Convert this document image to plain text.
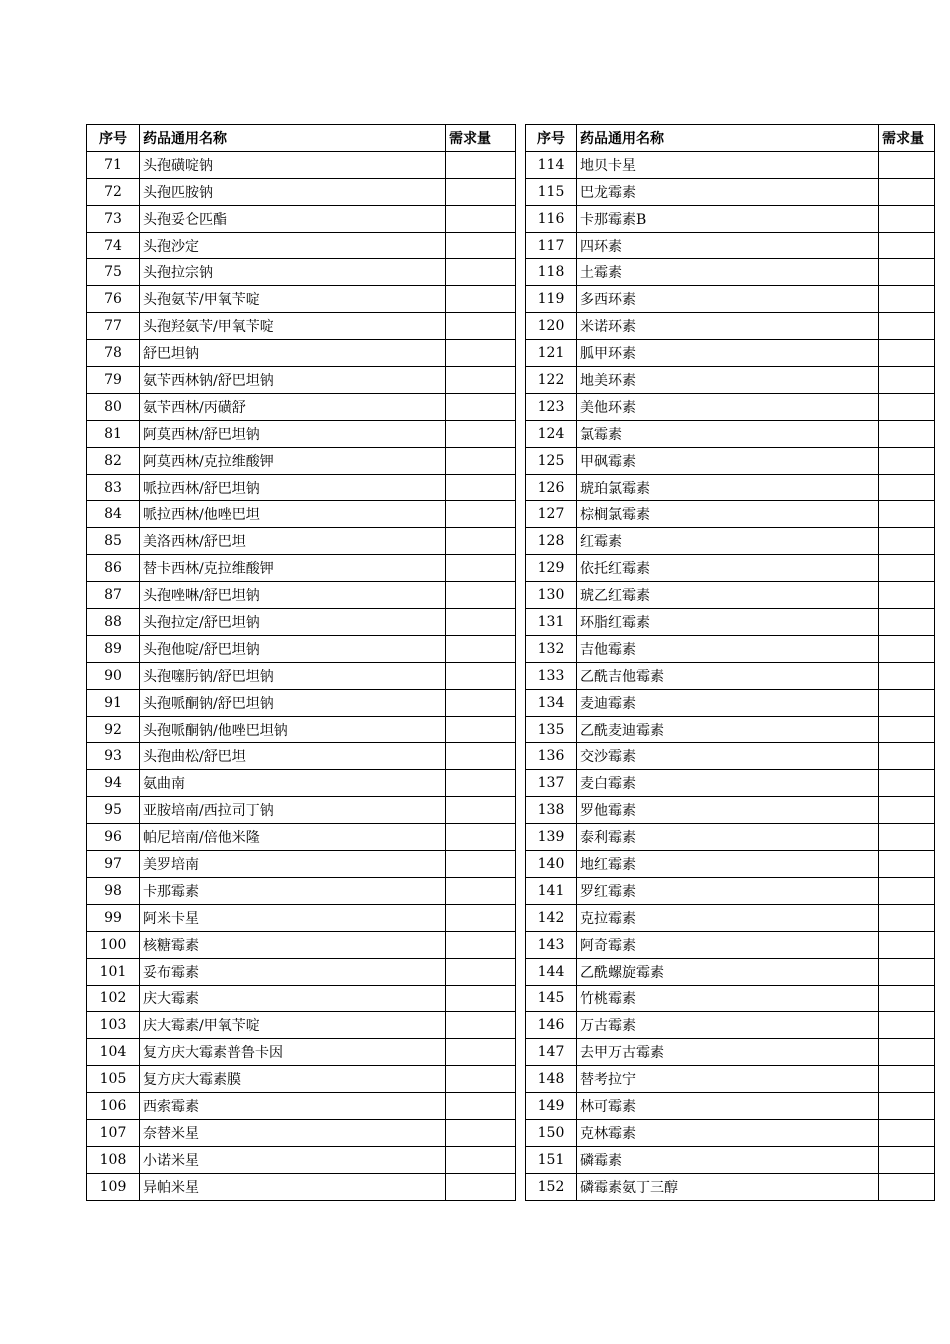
序号	药品通用名称	需求量
71	头孢磺啶钠	
72	头孢匹胺钠	
73	头孢妥仑匹酯	
74	头孢沙定	
75	头孢拉宗钠	
76	头孢氨苄/甲氧苄啶	
77	头孢羟氨苄/甲氧苄啶	
78	舒巴坦钠	
79	氨苄西林钠/舒巴坦钠	
80	氨苄西林/丙磺舒	
81	阿莫西林/舒巴坦钠	
82	阿莫西林/克拉维酸钾	
83	哌拉西林/舒巴坦钠	
84	哌拉西林/他唑巴坦	
85	美洛西林/舒巴坦	
86	替卡西林/克拉维酸钾	
87	头孢唑啉/舒巴坦钠	
88	头孢拉定/舒巴坦钠	
89	头孢他啶/舒巴坦钠	
90	头孢噻肟钠/舒巴坦钠	
91	头孢哌酮钠/舒巴坦钠	
92	头孢哌酮钠/他唑巴坦钠	
93	头孢曲松/舒巴坦	
94	氨曲南	
95	亚胺培南/西拉司丁钠	
96	帕尼培南/倍他米隆	
97	美罗培南	
98	卡那霉素	
99	阿米卡星	
100	核糖霉素	
101	妥布霉素	
102	庆大霉素	
103	庆大霉素/甲氧苄啶	
104	复方庆大霉素普鲁卡因	
105	复方庆大霉素膜	
106	西索霉素	
107	奈替米星	
108	小诺米星	
109	异帕米星	
序号	药品通用名称	需求量
114	地贝卡星	
115	巴龙霉素	
116	卡那霉素B	
117	四环素	
118	土霉素	
119	多西环素	
120	米诺环素	
121	胍甲环素	
122	地美环素	
123	美他环素	
124	氯霉素	
125	甲砜霉素	
126	琥珀氯霉素	
127	棕榈氯霉素	
128	红霉素	
129	依托红霉素	
130	琥乙红霉素	
131	环脂红霉素	
132	吉他霉素	
133	乙酰吉他霉素	
134	麦迪霉素	
135	乙酰麦迪霉素	
136	交沙霉素	
137	麦白霉素	
138	罗他霉素	
139	泰利霉素	
140	地红霉素	
141	罗红霉素	
142	克拉霉素	
143	阿奇霉素	
144	乙酰螺旋霉素	
145	竹桃霉素	
146	万古霉素	
147	去甲万古霉素	
148	替考拉宁	
149	林可霉素	
150	克林霉素	
151	磷霉素	
152	磷霉素氨丁三醇	
